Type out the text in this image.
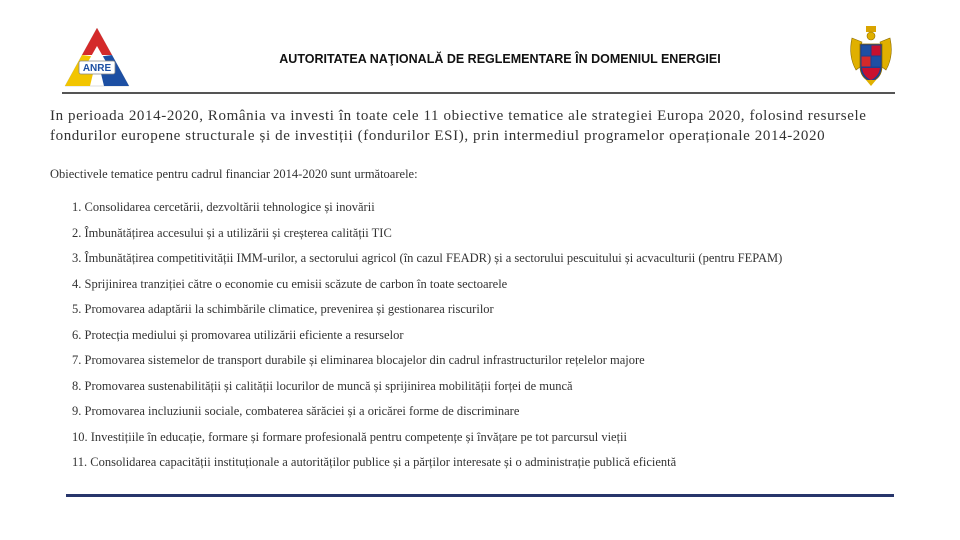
ANRE
AUTORITATEA NAŢIONALĂ DE REGLEMENTARE ÎN DOMENIUL ENERGIEI
In perioada 2014-2020, România va investi în toate cele 11 obiective tematice ale strategiei Europa 2020, folosind resursele fondurilor europene structurale și de investiții (fondurilor ESI), prin intermediul programelor operaționale 2014-2020
Obiectivele tematice pentru cadrul financiar 2014-2020 sunt următoarele:
1. Consolidarea cercetării, dezvoltării tehnologice și inovării
2. Îmbunătățirea accesului și a utilizării și creșterea calității TIC
3. Îmbunătățirea competitivității IMM-urilor, a sectorului agricol (în cazul FEADR) și a sectorului pescuitului și acvaculturii (pentru FEPAM)
4. Sprijinirea tranziției către o economie cu emisii scăzute de carbon în toate sectoarele
5. Promovarea adaptării la schimbările climatice, prevenirea și gestionarea riscurilor
6. Protecția mediului și promovarea utilizării eficiente a resurselor
7. Promovarea sistemelor de transport durabile și eliminarea blocajelor din cadrul infrastructurilor rețelelor majore
8. Promovarea sustenabilității și calității locurilor de muncă și sprijinirea mobilității forței de muncă
9. Promovarea incluziunii sociale, combaterea sărăciei și a oricărei forme de discriminare
10. Investițiile în educație, formare și formare profesională pentru competențe și învățare pe tot parcursul vieții
11. Consolidarea capacității instituționale a autorităților publice și a părților interesate și o administrație publică eficientă
